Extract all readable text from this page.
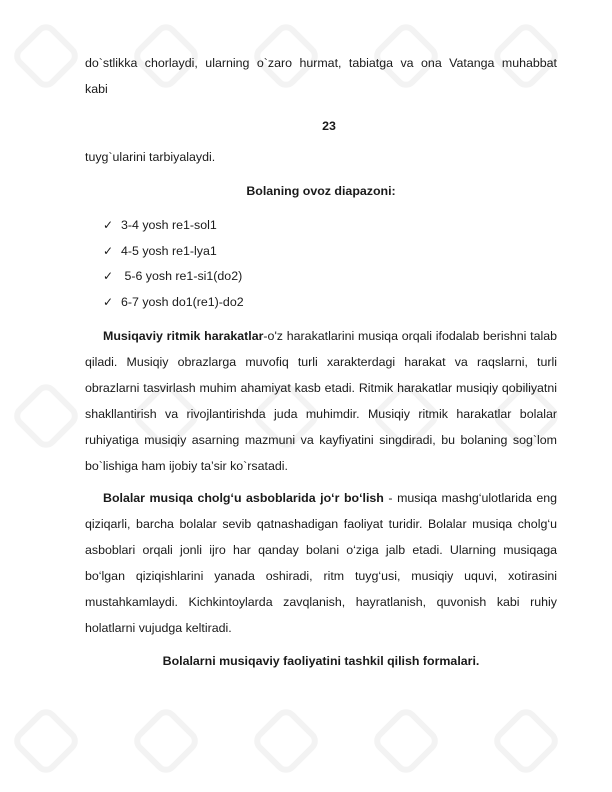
do`stlikka chorlaydi, ularning o`zaro hurmat, tabiatga va ona Vatanga muhabbat
kabi
23
tuyg`ularini tarbiyalaydi.
Bolaning ovoz diapazoni:
✓ 3-4 yosh re1-sol1
✓ 4-5 yosh re1-lya1
✓ 5-6 yosh re1-si1(do2)
✓ 6-7 yosh do1(re1)-do2
Musiqaviy ritmik harakatlar-o'z harakatlarini musiqa orqali ifodalab berishni talab qiladi. Musiqiy obrazlarga muvofiq turli xarakterdagi harakat va raqslarni, turli obrazlarni tasvirlash muhim ahamiyat kasb etadi. Ritmik harakatlar musiqiy qobiliyatni shakllantirish va rivojlantirishda juda muhimdir. Musiqiy ritmik harakatlar bolalar ruhiyatiga musiqiy asarning mazmuni va kayfiyatini singdiradi, bu bolaning sog`lom bo`lishiga ham ijobiy ta’sir ko`rsatadi.
Bolalar musiqa cholg‘u asboblarida jo‘r bo‘lish - musiqa mashg‘ulotlarida eng qiziqarli, barcha bolalar sevib qatnashadigan faoliyat turidir. Bolalar musiqa cholg‘u asboblari orqali jonli ijro har qanday bolani o‘ziga jalb etadi. Ularning musiqaga bo‘lgan qiziqishlarini yanada oshiradi, ritm tuyg‘usi, musiqiy uquvi, xotirasini mustahkamlaydi. Kichkintoylarda zavqlanish, hayratlanish, quvonish kabi ruhiy holatlarni vujudga keltiradi.
Bolalarni musiqaviy faoliyatini tashkil qilish formalari.
